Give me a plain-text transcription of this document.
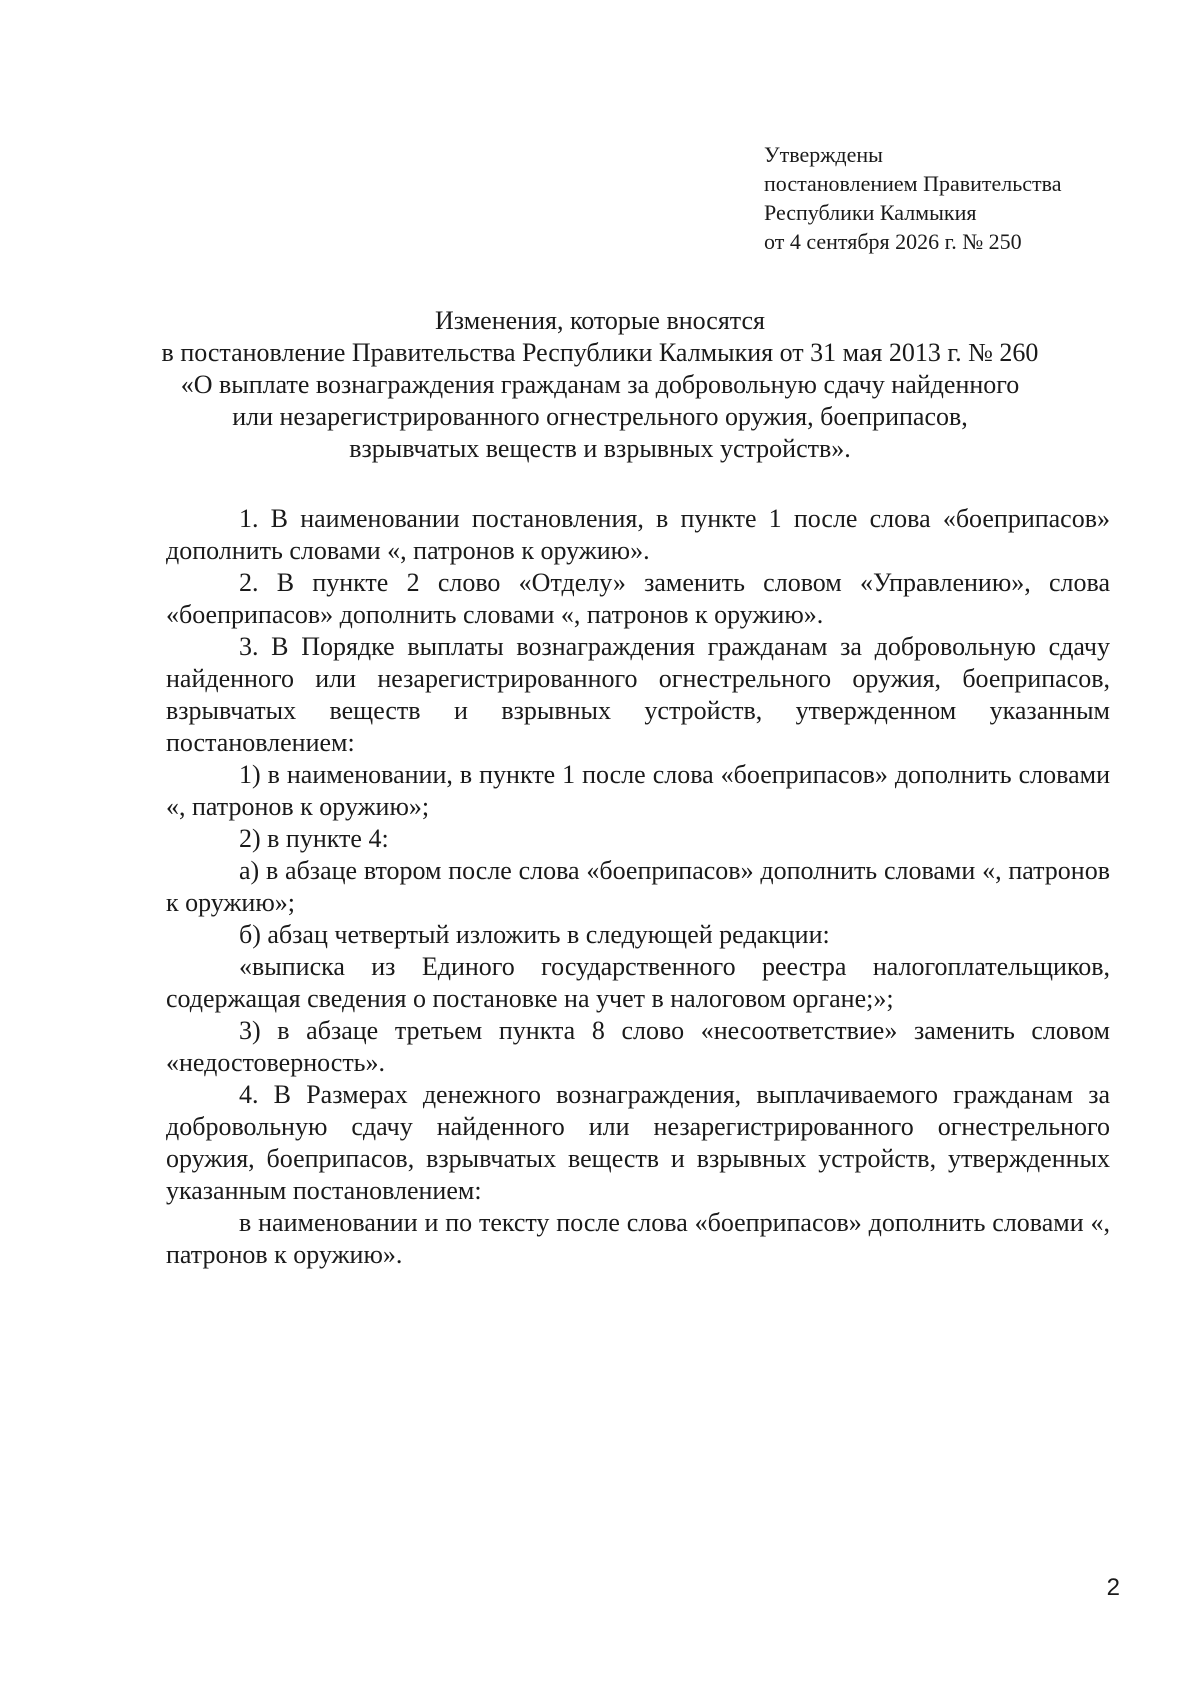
Утверждены
постановлением Правительства
Республики Калмыкия
от 4 сентября 2026 г. № 250
Изменения, которые вносятся
в постановление Правительства Республики Калмыкия от 31 мая 2013 г. № 260
«О выплате вознаграждения гражданам за добровольную сдачу найденного
или незарегистрированного огнестрельного оружия, боеприпасов,
взрывчатых веществ и взрывных устройств».

1. В наименовании постановления, в пункте 1 после слова «боеприпасов» дополнить словами «, патронов к оружию».

2. В пункте 2 слово «Отделу» заменить словом «Управлению», слова «боеприпасов» дополнить словами «, патронов к оружию».

3. В Порядке выплаты вознаграждения гражданам за добровольную сдачу найденного или незарегистрированного огнестрельного оружия, боеприпасов, взрывчатых веществ и взрывных устройств, утвержденном указанным постановлением:

1) в наименовании, в пункте 1 после слова «боеприпасов» дополнить словами «, патронов к оружию»;

2) в пункте 4:

а) в абзаце втором после слова «боеприпасов» дополнить словами «, патронов к оружию»;

б) абзац четвертый изложить в следующей редакции:

«выписка из Единого государственного реестра налогоплательщиков, содержащая сведения о постановке на учет в налоговом органе;»;

3) в абзаце третьем пункта 8 слово «несоответствие» заменить словом «недостоверность».

4. В Размерах денежного вознаграждения, выплачиваемого гражданам за добровольную сдачу найденного или незарегистрированного огнестрельного оружия, боеприпасов, взрывчатых веществ и взрывных устройств, утвержденных указанным постановлением:

в наименовании и по тексту после слова «боеприпасов» дополнить словами «, патронов к оружию».

2
